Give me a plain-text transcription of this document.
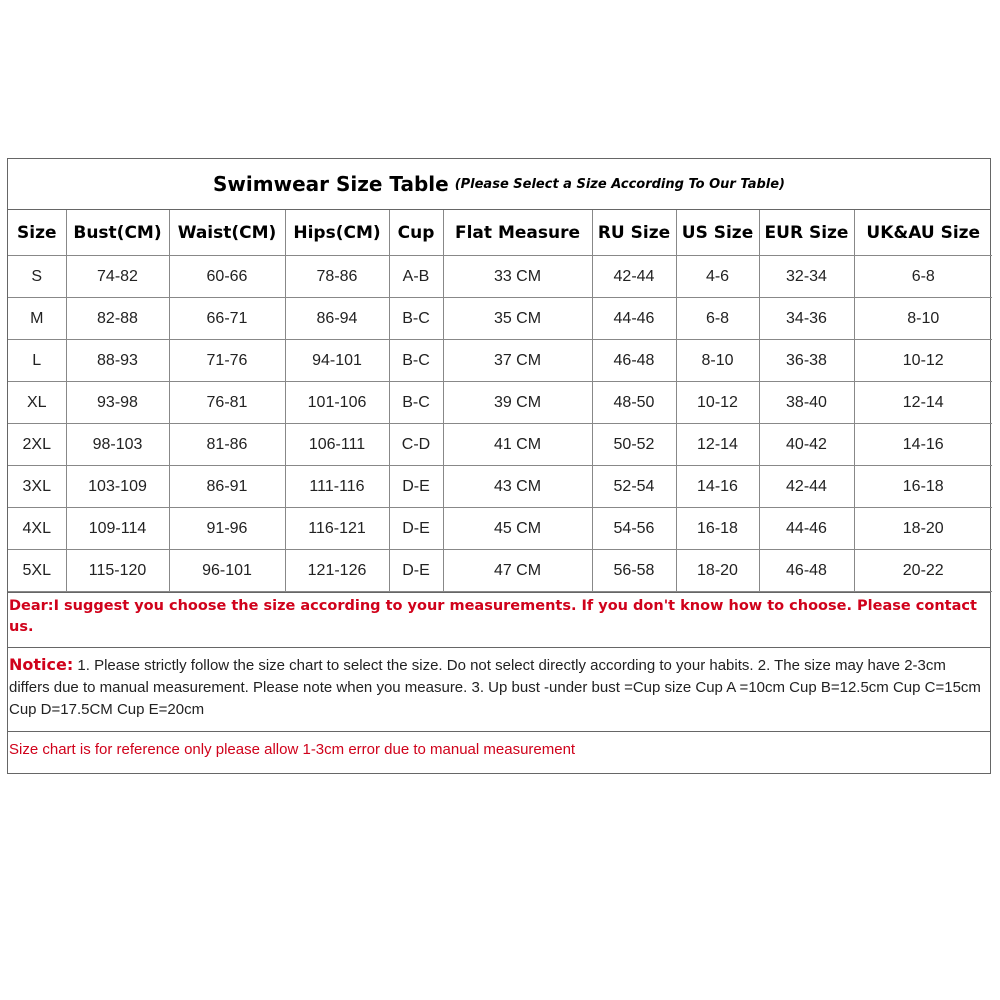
Swimwear Size Table (Please Select a Size According To Our Table)
Size	Bust(CM)	Waist(CM)	Hips(CM)	Cup	Flat Measure	RU Size	US Size	EUR Size	UK&AU Size
S	74-82	60-66	78-86	A-B	33 CM	42-44	4-6	32-34	6-8
M	82-88	66-71	86-94	B-C	35 CM	44-46	6-8	34-36	8-10
L	88-93	71-76	94-101	B-C	37 CM	46-48	8-10	36-38	10-12
XL	93-98	76-81	101-106	B-C	39 CM	48-50	10-12	38-40	12-14
2XL	98-103	81-86	106-111	C-D	41 CM	50-52	12-14	40-42	14-16
3XL	103-109	86-91	111-116	D-E	43 CM	52-54	14-16	42-44	16-18
4XL	109-114	91-96	116-121	D-E	45 CM	54-56	16-18	44-46	18-20
5XL	115-120	96-101	121-126	D-E	47 CM	56-58	18-20	46-48	20-22
Dear:I suggest you choose the size according to your measurements. If you don't know how to choose. Please contact us.
Notice: 1. Please strictly follow the size chart to select the size. Do not select directly according to your habits. 2. The size may have 2-3cm differs due to manual measurement. Please note when you measure. 3. Up bust -under bust =Cup size Cup A =10cm Cup B=12.5cm Cup C=15cm Cup D=17.5CM Cup E=20cm
Size chart is for reference only please allow 1-3cm error due to manual measurement
